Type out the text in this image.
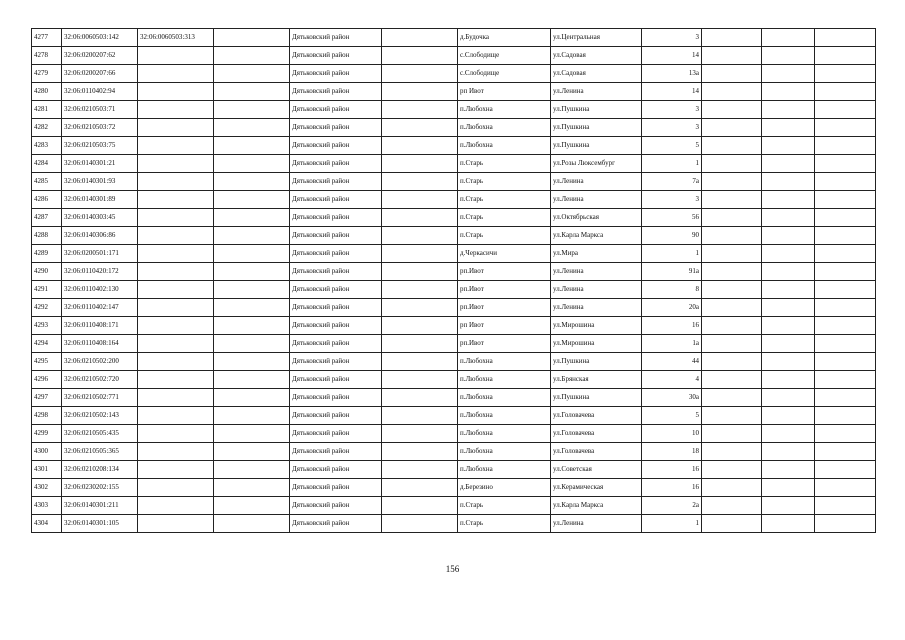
4277	32:06:0060503:142	32:06:0060503:313		Дятьковский район		д.Будочка	ул.Центральная	3			
4278	32:06:0200207:62			Дятьковский район		с.Слободище	ул.Садовая	14			
4279	32:06:0200207:66			Дятьковский район		с.Слободище	ул.Садовая	13а			
4280	32:06:0110402:94			Дятьковский район		рп Ивот	ул.Ленина	14			
4281	32:06:0210503:71			Дятьковский район		п.Любохна	ул.Пушкина	3			
4282	32:06:0210503:72			Дятьковский район		п.Любохна	ул.Пушкина	3			
4283	32:06:0210503:75			Дятьковский район		п.Любохна	ул.Пушкина	5			
4284	32:06:0140301:21			Дятьковский район		п.Старь	ул.Розы Люксембург	1			
4285	32:06:0140301:93			Дятьковский район		п.Старь	ул.Ленина	7а			
4286	32:06:0140301:89			Дятьковский район		п.Старь	ул.Ленина	3			
4287	32:06:0140303:45			Дятьковский район		п.Старь	ул.Октябрьская	56			
4288	32:06:0140306:86			Дятьковский район		п.Старь	ул.Карла Маркса	90			
4289	32:06:0200501:171			Дятьковский район		д.Черкасичи	ул.Мира	1			
4290	32:06:0110420:172			Дятьковский район		рп.Ивот	ул.Ленина	91а			
4291	32:06:0110402:130			Дятьковский район		рп.Ивот	ул.Ленина	8			
4292	32:06:0110402:147			Дятьковский район		рп.Ивот	ул.Ленина	20а			
4293	32:06:0110408:171			Дятьковский район		рп Ивот	ул.Мирошина	16			
4294	32:06:0110408:164			Дятьковский район		рп.Ивот	ул.Мирошина	1а			
4295	32:06:0210502:200			Дятьковский район		п.Любохна	ул.Пушкина	44			
4296	32:06:0210502:720			Дятьковский район		п.Любохна	ул.Брянская	4			
4297	32:06:0210502:771			Дятьковский район		п.Любохна	ул.Пушкина	30а			
4298	32:06:0210502:143			Дятьковский район		п.Любохна	ул.Головачева	5			
4299	32:06:0210505:435			Дятьковский район		п.Любохна	ул.Головачева	10			
4300	32:06:0210505:365			Дятьковский район		п.Любохна	ул.Головачева	18			
4301	32:06:0210208:134			Дятьковский район		п.Любохна	ул.Советская	16			
4302	32:06:0230202:155			Дятьковский район		д.Березино	ул.Керамическая	16			
4303	32:06:0140301:211			Дятьковский район		п.Старь	ул.Карла Маркса	2а			
4304	32:06:0140301:105			Дятьковский район		п.Старь	ул.Ленина	1			
156
